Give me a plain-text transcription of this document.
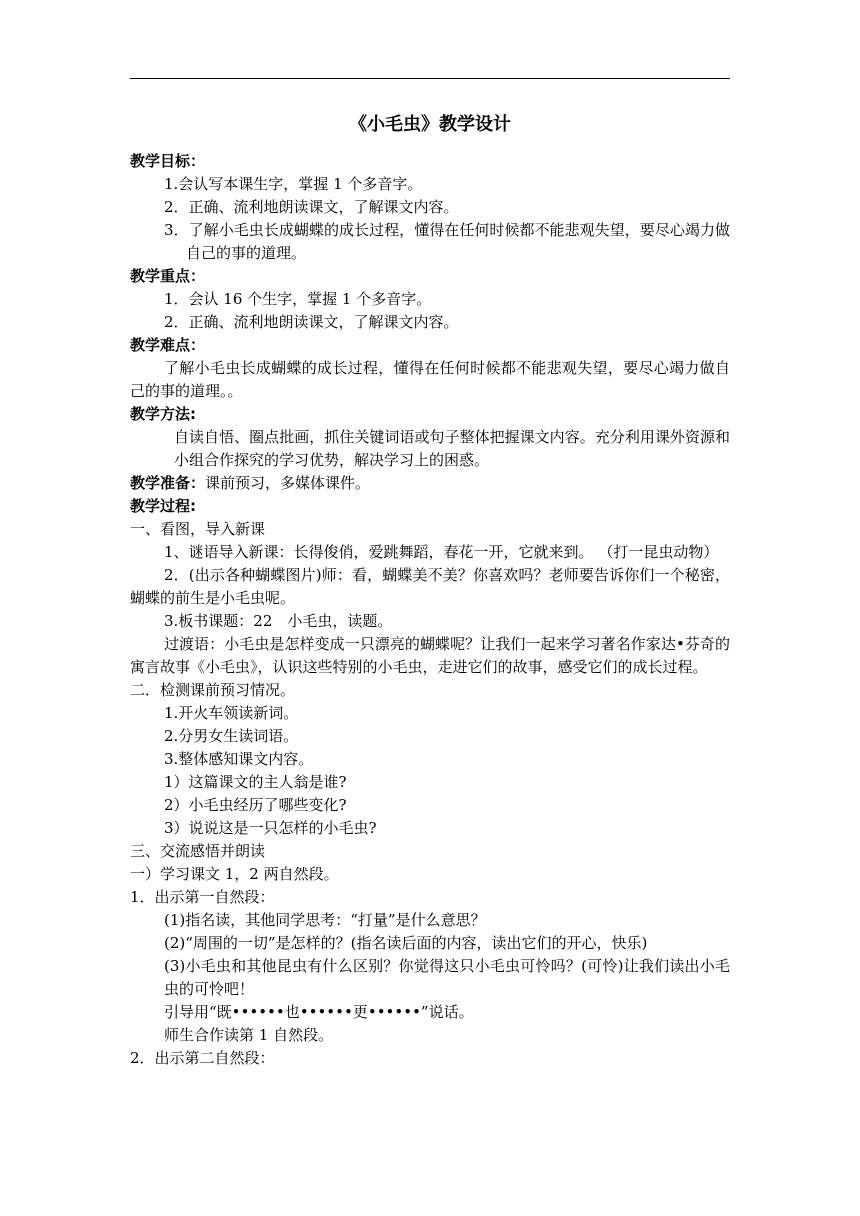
《小毛虫》教学设计
教学目标：
1.会认写本课生字，掌握 1 个多音字。
2．正确、流利地朗读课文，了解课文内容。
3．了解小毛虫长成蝴蝶的成长过程，懂得在任何时候都不能悲观失望，要尽心竭力做自己的事的道理。
教学重点：
1．会认 16 个生字，掌握 1 个多音字。
2．正确、流利地朗读课文，了解课文内容。
教学难点：
了解小毛虫长成蝴蝶的成长过程，懂得在任何时候都不能悲观失望，要尽心竭力做自己的事的道理。。
教学方法:
自读自悟、圈点批画，抓住关键词语或句子整体把握课文内容。充分利用课外资源和小组合作探究的学习优势，解决学习上的困惑。
教学准备：课前预习，多媒体课件。
教学过程:
一、看图，导入新课
1、谜语导入新课：长得俊俏，爱跳舞蹈，春花一开，它就来到。 （打一昆虫动物）
2．(出示各种蝴蝶图片)师：看，蝴蝶美不美？你喜欢吗？老师要告诉你们一个秘密，蝴蝶的前生是小毛虫呢。
3.板书课题：22　小毛虫，读题。
过渡语：小毛虫是怎样变成一只漂亮的蝴蝶呢？让我们一起来学习著名作家达•芬奇的寓言故事《小毛虫》，认识这些特别的小毛虫，走进它们的故事，感受它们的成长过程。
二．检测课前预习情况。
1.开火车领读新词。
2.分男女生读词语。
3.整体感知课文内容。
1）这篇课文的主人翁是谁?
2）小毛虫经历了哪些变化?
3）说说这是一只怎样的小毛虫?
三、交流感悟并朗读
一）学习课文 1，2 两自然段。
1．出示第一自然段：
(1)指名读，其他同学思考：“打量”是什么意思？
(2)“周围的一切”是怎样的？(指名读后面的内容，读出它们的开心，快乐)
(3)小毛虫和其他昆虫有什么区别？你觉得这只小毛虫可怜吗？(可怜)让我们读出小毛虫的可怜吧！
引导用“既••••••也••••••更••••••”说话。
师生合作读第 1 自然段。
2．出示第二自然段：
